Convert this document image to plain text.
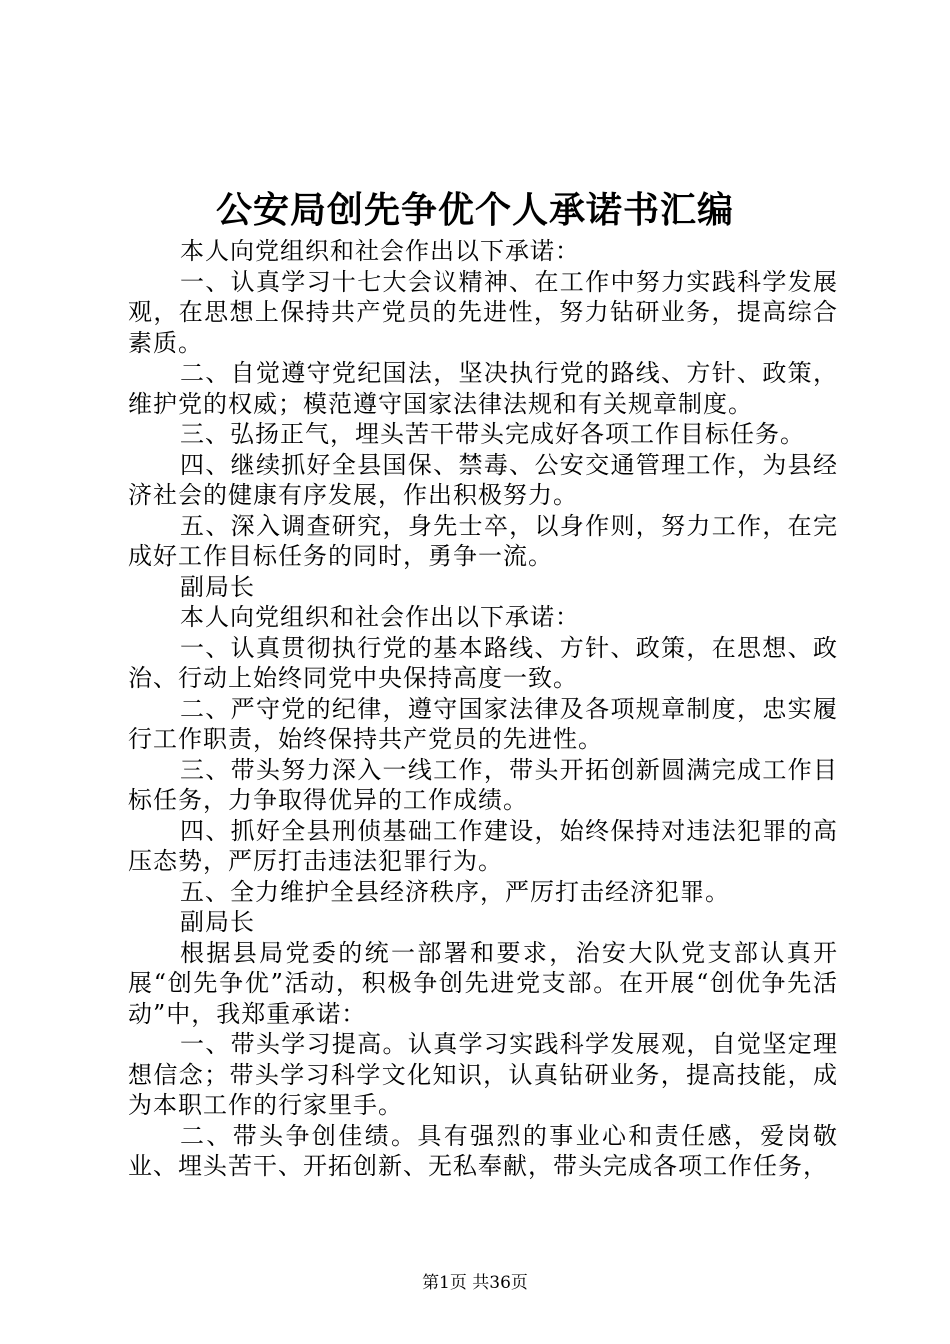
公安局创先争优个人承诺书汇编

本人向党组织和社会作出以下承诺：

一、认真学习十七大会议精神、在工作中努力实践科学发展观，在思想上保持共产党员的先进性，努力钻研业务，提高综合素质。

二、自觉遵守党纪国法，坚决执行党的路线、方针、政策，维护党的权威；模范遵守国家法律法规和有关规章制度。

三、弘扬正气，埋头苦干带头完成好各项工作目标任务。

四、继续抓好全县国保、禁毒、公安交通管理工作，为县经济社会的健康有序发展，作出积极努力。

五、深入调查研究，身先士卒，以身作则，努力工作，在完成好工作目标任务的同时，勇争一流。

副局长

本人向党组织和社会作出以下承诺：

一、认真贯彻执行党的基本路线、方针、政策，在思想、政治、行动上始终同党中央保持高度一致。

二、严守党的纪律，遵守国家法律及各项规章制度，忠实履行工作职责，始终保持共产党员的先进性。

三、带头努力深入一线工作，带头开拓创新圆满完成工作目标任务，力争取得优异的工作成绩。

四、抓好全县刑侦基础工作建设，始终保持对违法犯罪的高压态势，严厉打击违法犯罪行为。

五、全力维护全县经济秩序，严厉打击经济犯罪。

副局长

根据县局党委的统一部署和要求，治安大队党支部认真开展“创先争优”活动，积极争创先进党支部。在开展“创优争先活动”中，我郑重承诺：

一、带头学习提高。认真学习实践科学发展观，自觉坚定理想信念；带头学习科学文化知识，认真钻研业务，提高技能，成为本职工作的行家里手。

二、带头争创佳绩。具有强烈的事业心和责任感，爱岗敬业、埋头苦干、开拓创新、无私奉献，带头完成各项工作任务，

第1页 共36页
